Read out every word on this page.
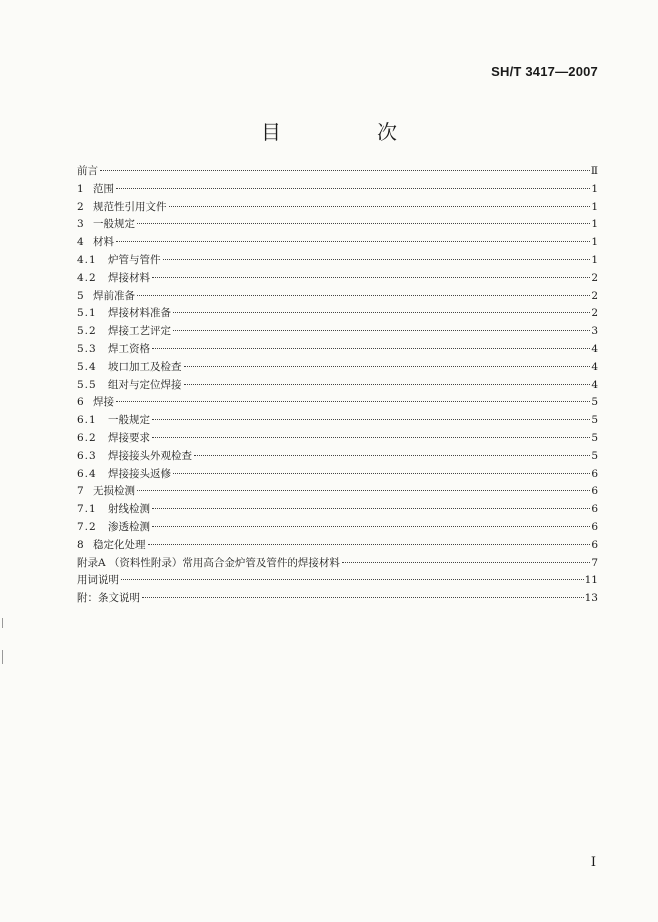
SH/T 3417—2007
目　次
前言	Ⅱ
1 范围	1
2 规范性引用文件	1
3 一般规定	1
4 材料	1
4.1	炉管与管件	1
4.2	焊接材料	2
5 焊前准备	2
5.1	焊接材料准备	2
5.2	焊接工艺评定	3
5.3	焊工资格	4
5.4	坡口加工及检查	4
5.5	组对与定位焊接	4
6 焊接	5
6.1	一般规定	5
6.2	焊接要求	5
6.3	焊接接头外观检查	5
6.4	焊接接头返修	6
7 无损检测	6
7.1	射线检测	6
7.2	渗透检测	6
8 稳定化处理	6
附录A （资料性附录）常用高合金炉管及管件的焊接材料	7
用词说明	11
附：条文说明	13
I
